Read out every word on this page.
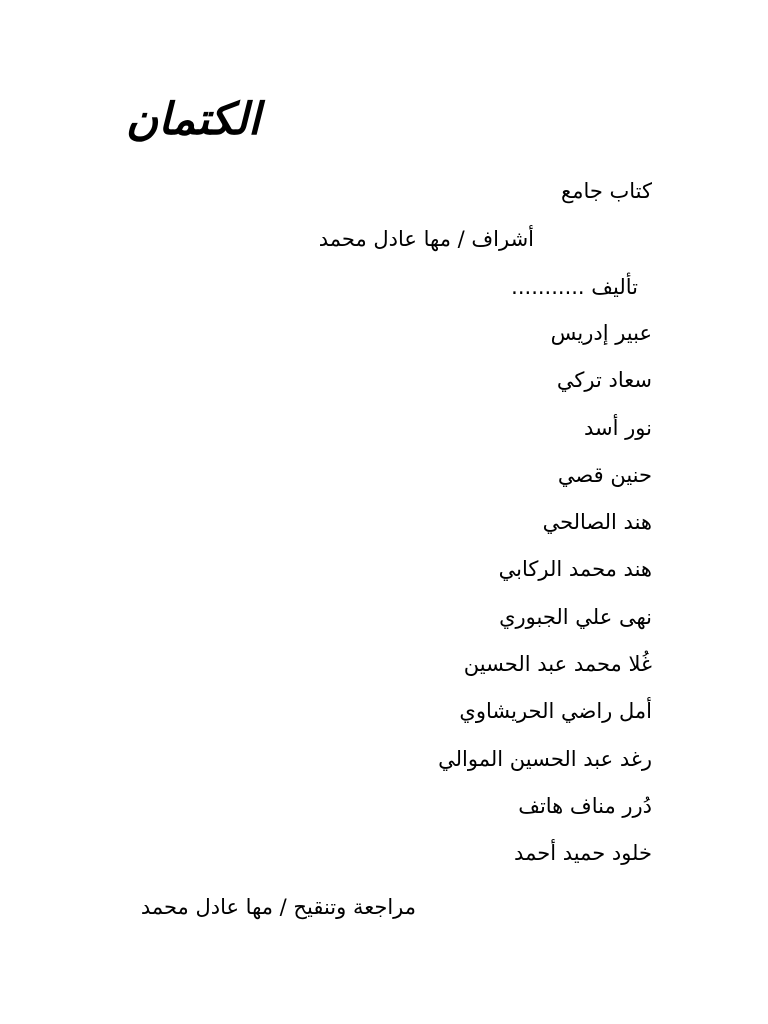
الكتمان

كتاب جامع

أشراف / مها عادل محمد

تأليف ...........

عبير إدريس
سعاد تركي
نور أسد
حنين قصي
هند الصالحي
هند محمد الركابي
نهى علي الجبوري
غُلا محمد عبد الحسين
أمل راضي الحريشاوي
رغد عبد الحسين الموالي
دُرر مناف هاتف
خلود حميد أحمد

مراجعة وتنقيح / مها عادل محمد
